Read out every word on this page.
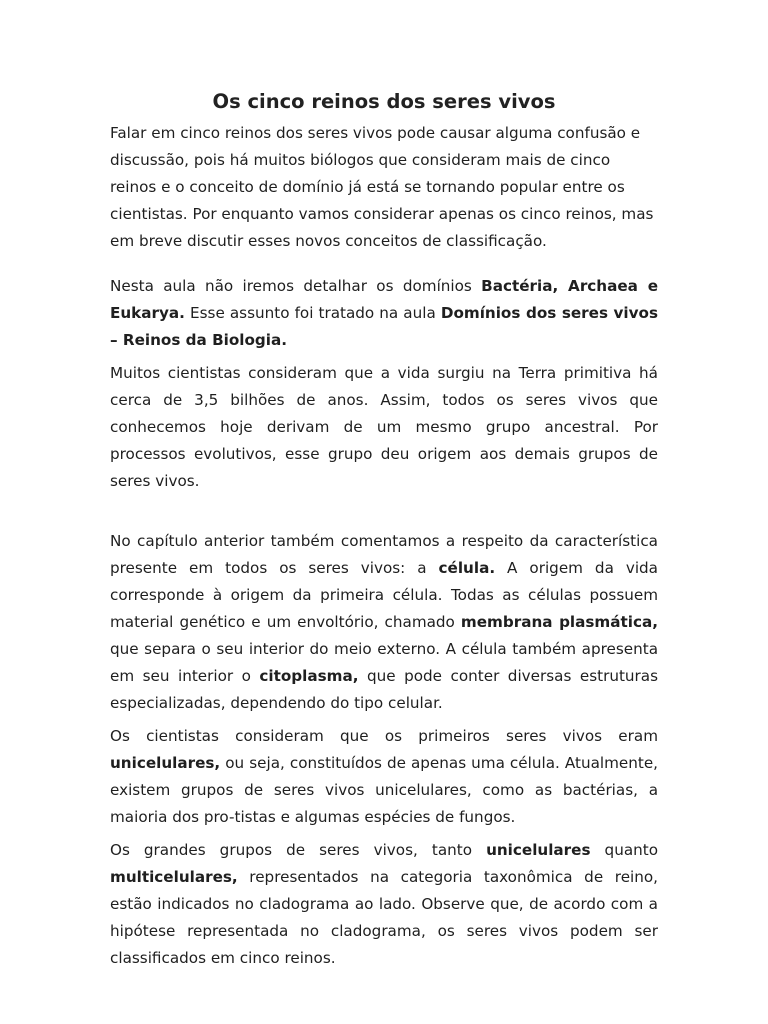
Os cinco reinos dos seres vivos

Falar em cinco reinos dos seres vivos pode causar alguma confusão e discussão, pois há muitos biólogos que consideram mais de cinco reinos e o conceito de domínio já está se tornando popular entre os cientistas. Por enquanto vamos considerar apenas os cinco reinos, mas em breve discutir esses novos conceitos de classificação.

Nesta aula não iremos detalhar os domínios Bactéria, Archaea e Eukarya. Esse assunto foi tratado na aula Domínios dos seres vivos – Reinos da Biologia.

Muitos cientistas consideram que a vida surgiu na Terra primitiva há cerca de 3,5 bilhões de anos. Assim, todos os seres vivos que conhecemos hoje derivam de um mesmo grupo ancestral. Por processos evolutivos, esse grupo deu origem aos demais grupos de seres vivos.

No capítulo anterior também comentamos a respeito da característica presente em todos os seres vivos: a célula. A origem da vida corresponde à origem da primeira célula. Todas as células possuem material genético e um envoltório, chamado membrana plasmática, que separa o seu interior do meio externo. A célula também apresenta em seu interior o citoplasma, que pode conter diversas estruturas especializadas, dependendo do tipo celular.

Os cientistas consideram que os primeiros seres vivos eram unicelulares, ou seja, constituídos de apenas uma célula. Atualmente, existem grupos de seres vivos unicelulares, como as bactérias, a maioria dos pro-tistas e algumas espécies de fungos.

Os grandes grupos de seres vivos, tanto unicelulares quanto multicelulares, representados na categoria taxonômica de reino, estão indicados no cladograma ao lado. Observe que, de acordo com a hipótese representada no cladograma, os seres vivos podem ser classificados em cinco reinos.
